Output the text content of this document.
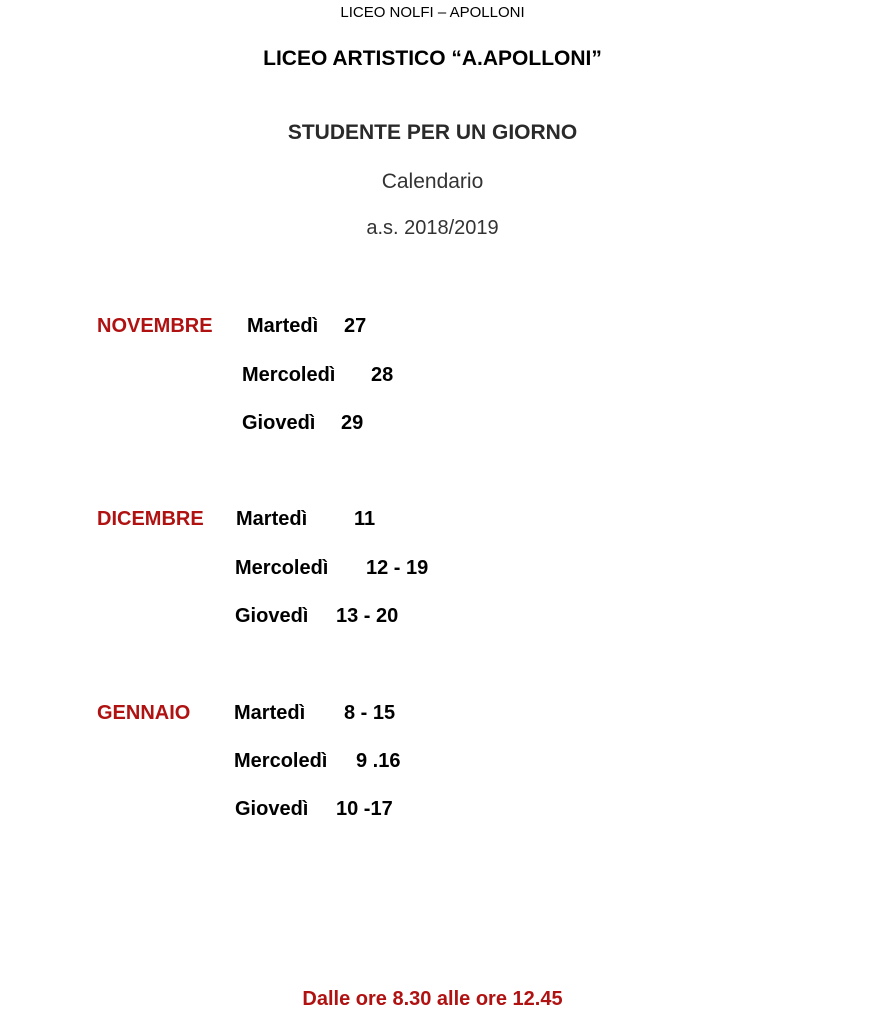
LICEO NOLFI – APOLLONI
LICEO ARTISTICO “A.APOLLONI”
STUDENTE PER UN GIORNO
Calendario
a.s. 2018/2019
NOVEMBRE Martedì 27
Mercoledì 28
Giovedì 29
DICEMBRE Martedì 11
Mercoledì 12 - 19
Giovedì 13 - 20
GENNAIO Martedì 8 - 15
Mercoledì 9 .16
Giovedì 10 -17
Dalle ore 8.30 alle ore 12.45
